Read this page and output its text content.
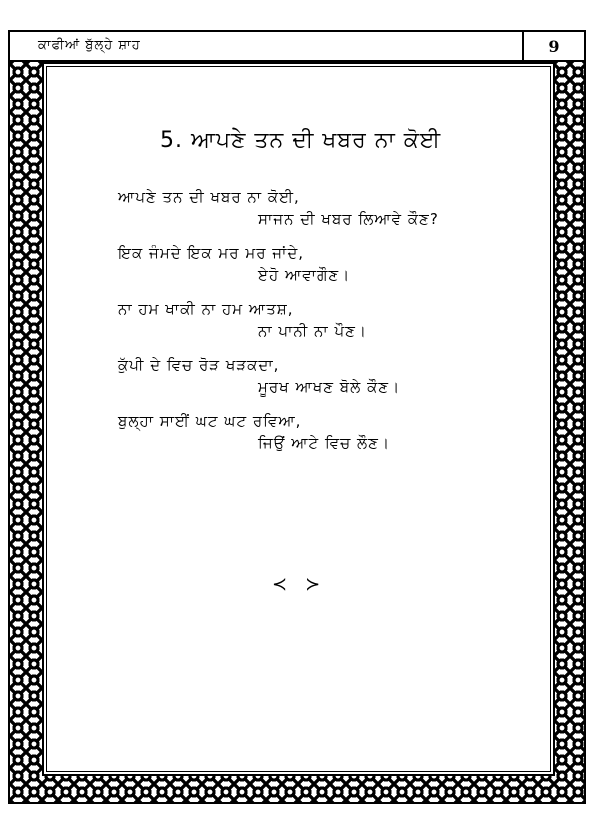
ਕਾਫੀਆਂ ਬੁੱਲ੍ਹੇ ਸ਼ਾਹ	9
5. ਆਪਣੇ ਤਨ ਦੀ ਖਬਰ ਨਾ ਕੋਈ
ਆਪਣੇ ਤਨ ਦੀ ਖਬਰ ਨਾ ਕੋਈ,
ਸਾਜਨ ਦੀ ਖਬਰ ਲਿਆਵੇ ਕੌਣ?
ਇਕ ਜੰਮਦੇ ਇਕ ਮਰ ਮਰ ਜਾਂਦੇ,
ਏਹੋ ਆਵਾਗੌਣ।
ਨਾ ਹਮ ਖਾਕੀ ਨਾ ਹਮ ਆਤਸ਼,
ਨਾ ਪਾਨੀ ਨਾ ਪੌਣ।
ਕੁੱਪੀ ਦੇ ਵਿਚ ਰੋੜ ਖੜਕਦਾ,
ਮੂਰਖ ਆਖਣ ਬੋਲੇ ਕੌਣ।
ਬੁਲ੍ਹਾ ਸਾਈਂ ਘਟ ਘਟ ਰਵਿਆ,
ਜਿਉਂ ਆਟੇ ਵਿਚ ਲੌਣ।
≺ ≻
